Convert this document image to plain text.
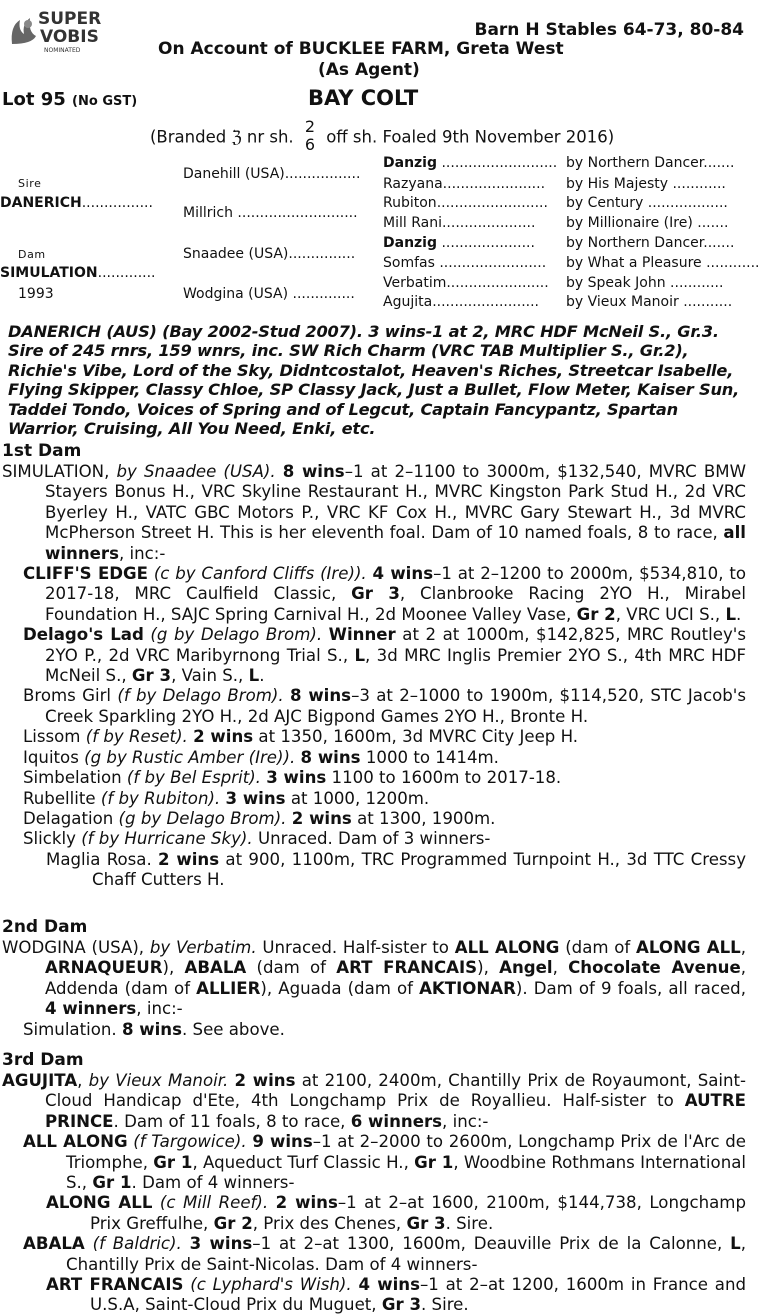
SUPER
VOBIS
NOMINATED
Barn H Stables 64-73, 80-84
On Account of BUCKLEE FARM, Greta West
(As Agent)
Lot 95 (No GST)	BAY COLT
(Branded ℨ nr sh.
2
6 off sh. Foaled 9th November 2016)
Sire
DANERICH................
Dam
SIMULATION.............
1993
Danehill (USA).................
Millrich ...........................
Snaadee (USA)...............
Wodgina (USA) ..............
Danzig ..........................
Razyana.......................
Rubiton.........................
Mill Rani.....................
Danzig .....................
Somfas ........................
Verbatim.......................
Agujita........................
by Northern Dancer.......
by His Majesty ............
by Century ..................
by Millionaire (Ire) .......
by Northern Dancer.......
by What a Pleasure ............
by Speak John ............
by Vieux Manoir ...........
DANERICH (AUS) (Bay 2002-Stud 2007). 3 wins-1 at 2, MRC HDF McNeil S., Gr.3. Sire of 245 rnrs, 159 wnrs, inc. SW Rich Charm (VRC TAB Multiplier S., Gr.2), Richie's Vibe, Lord of the Sky, Didntcostalot, Heaven's Riches, Streetcar Isabelle, Flying Skipper, Classy Chloe, SP Classy Jack, Just a Bullet, Flow Meter, Kaiser Sun, Taddei Tondo, Voices of Spring and of Legcut, Captain Fancypantz, Spartan Warrior, Cruising, All You Need, Enki, etc.
1st Dam
SIMULATION, by Snaadee (USA). 8 wins–1 at 2–1100 to 3000m, $132,540, MVRC BMW Stayers Bonus H., VRC Skyline Restaurant H., MVRC Kingston Park Stud H., 2d VRC Byerley H., VATC GBC Motors P., VRC KF Cox H., MVRC Gary Stewart H., 3d MVRC McPherson Street H. This is her eleventh foal. Dam of 10 named foals, 8 to race, all winners, inc:-
CLIFF'S EDGE (c by Canford Cliffs (Ire)). 4 wins–1 at 2–1200 to 2000m, $534,810, to 2017-18, MRC Caulfield Classic, Gr 3, Clanbrooke Racing 2YO H., Mirabel Foundation H., SAJC Spring Carnival H., 2d Moonee Valley Vase, Gr 2, VRC UCI S., L.
Delago's Lad (g by Delago Brom). Winner at 2 at 1000m, $142,825, MRC Routley's 2YO P., 2d VRC Maribyrnong Trial S., L, 3d MRC Inglis Premier 2YO S., 4th MRC HDF McNeil S., Gr 3, Vain S., L.
Broms Girl (f by Delago Brom). 8 wins–3 at 2–1000 to 1900m, $114,520, STC Jacob's Creek Sparkling 2YO H., 2d AJC Bigpond Games 2YO H., Bronte H.
Lissom (f by Reset). 2 wins at 1350, 1600m, 3d MVRC City Jeep H.
Iquitos (g by Rustic Amber (Ire)). 8 wins 1000 to 1414m.
Simbelation (f by Bel Esprit). 3 wins 1100 to 1600m to 2017-18.
Rubellite (f by Rubiton). 3 wins at 1000, 1200m.
Delagation (g by Delago Brom). 2 wins at 1300, 1900m.
Slickly (f by Hurricane Sky). Unraced. Dam of 3 winners-
Maglia Rosa. 2 wins at 900, 1100m, TRC Programmed Turnpoint H., 3d TTC Cressy Chaff Cutters H.
2nd Dam
WODGINA (USA), by Verbatim. Unraced. Half-sister to ALL ALONG (dam of ALONG ALL, ARNAQUEUR), ABALA (dam of ART FRANCAIS), Angel, Chocolate Avenue, Addenda (dam of ALLIER), Aguada (dam of AKTIONAR). Dam of 9 foals, all raced, 4 winners, inc:-
Simulation. 8 wins. See above.
3rd Dam
AGUJITA, by Vieux Manoir. 2 wins at 2100, 2400m, Chantilly Prix de Royaumont, Saint-Cloud Handicap d'Ete, 4th Longchamp Prix de Royallieu. Half-sister to AUTRE PRINCE. Dam of 11 foals, 8 to race, 6 winners, inc:-
ALL ALONG (f Targowice). 9 wins–1 at 2–2000 to 2600m, Longchamp Prix de l'Arc de Triomphe, Gr 1, Aqueduct Turf Classic H., Gr 1, Woodbine Rothmans International S., Gr 1. Dam of 4 winners-
ALONG ALL (c Mill Reef). 2 wins–1 at 2–at 1600, 2100m, $144,738, Longchamp Prix Greffulhe, Gr 2, Prix des Chenes, Gr 3. Sire.
ABALA (f Baldric). 3 wins–1 at 2–at 1300, 1600m, Deauville Prix de la Calonne, L, Chantilly Prix de Saint-Nicolas. Dam of 4 winners-
ART FRANCAIS (c Lyphard's Wish). 4 wins–1 at 2–at 1200, 1600m in France and U.S.A, Saint-Cloud Prix du Muguet, Gr 3. Sire.
